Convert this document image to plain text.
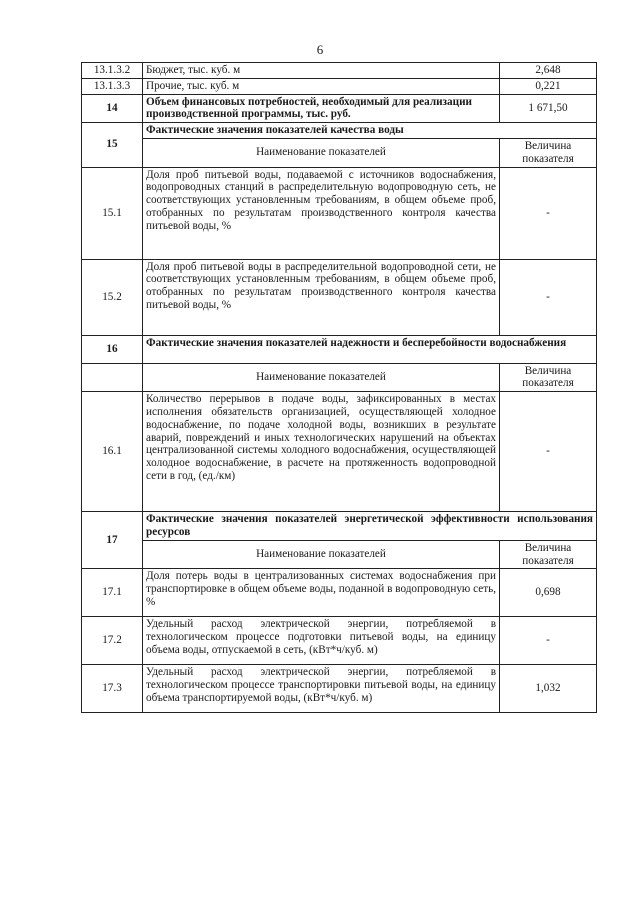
6
13.1.3.2	Бюджет, тыс. куб. м	2,648
13.1.3.3	Прочие, тыс. куб. м	0,221
14	Объем финансовых потребностей, необходимый для реализации производственной программы, тыс. руб.	1 671,50
15	Фактические значения показателей качества воды	
	Наименование показателей	Величина показателя
15.1	Доля проб питьевой воды, подаваемой с источников водоснабжения, водопроводных станций в распределительную водопроводную сеть, не соответствующих установленным требованиям, в общем объеме проб, отобранных по результатам производственного контроля качества питьевой воды, %	-
15.2	Доля проб питьевой воды в распределительной водопроводной сети, не соответствующих установленным требованиям, в общем объеме проб, отобранных по результатам производственного контроля качества питьевой воды, %	-
16	Фактические значения показателей надежности и бесперебойности водоснабжения	
	Наименование показателей	Величина показателя
16.1	Количество перерывов в подаче воды, зафиксированных в местах исполнения обязательств организацией, осуществляющей холодное водоснабжение, по подаче холодной воды, возникших в результате аварий, повреждений и иных технологических нарушений на объектах централизованной системы холодного водоснабжения, осуществляющей холодное водоснабжение, в расчете на протяженность водопроводной сети в год, (ед./км)	-
17	Фактические значения показателей энергетической эффективности использования ресурсов	
	Наименование показателей	Величина показателя
17.1	Доля потерь воды в централизованных системах водоснабжения при транспортировке в общем объеме воды, поданной в водопроводную сеть, %	0,698
17.2	Удельный расход электрической энергии, потребляемой в технологическом процессе подготовки питьевой воды, на единицу объема воды, отпускаемой в сеть, (кВт*ч/куб. м)	-
17.3	Удельный расход электрической энергии, потребляемой в технологическом процессе транспортировки питьевой воды, на единицу объема транспортируемой воды, (кВт*ч/куб. м)	1,032
